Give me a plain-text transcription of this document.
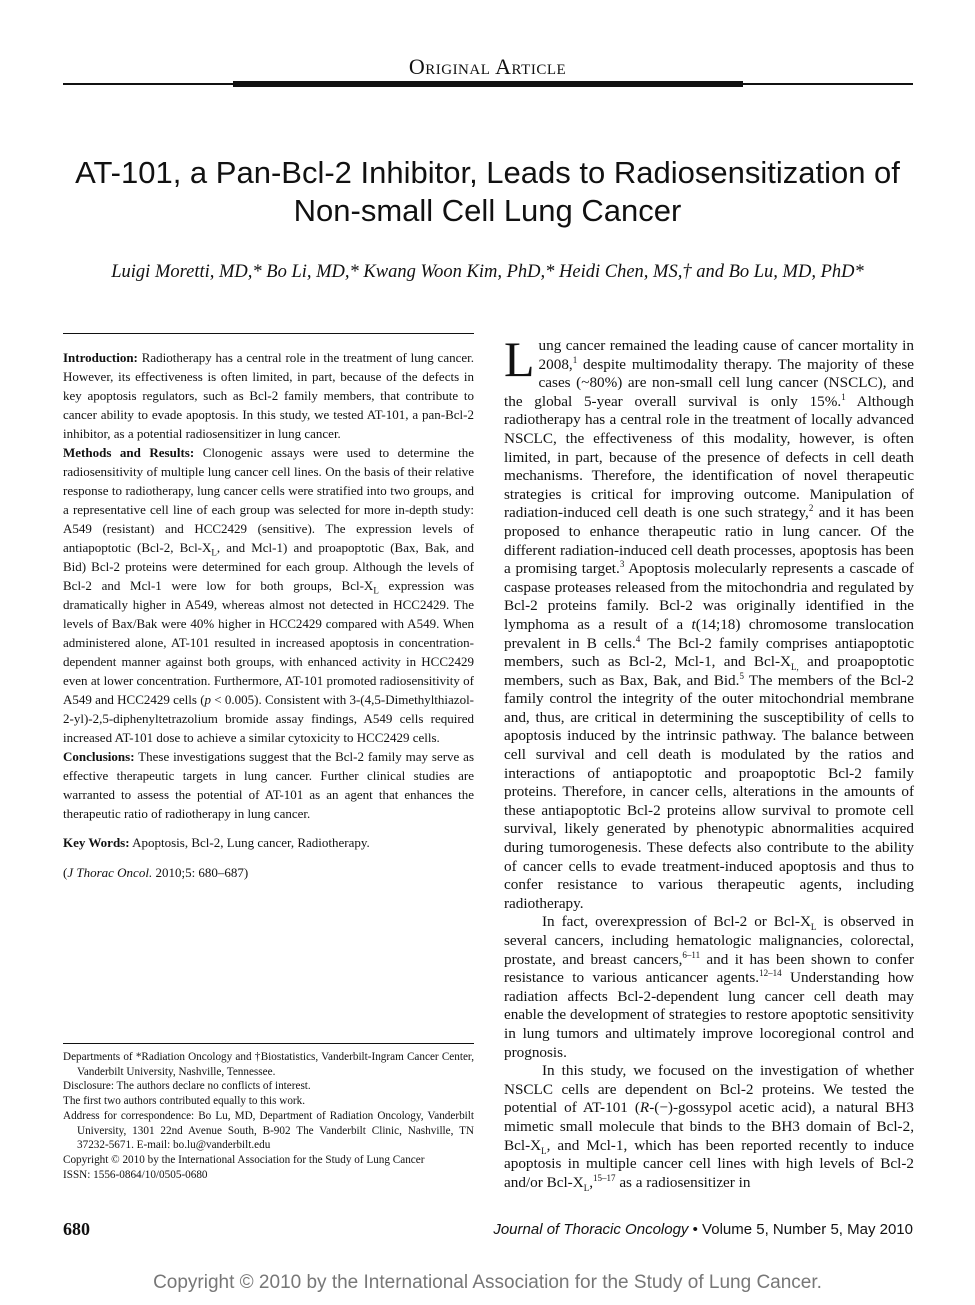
Original Article
AT-101, a Pan-Bcl-2 Inhibitor, Leads to Radiosensitization of
Non-small Cell Lung Cancer
Luigi Moretti, MD,* Bo Li, MD,* Kwang Woon Kim, PhD,* Heidi Chen, MS,† and Bo Lu, MD, PhD*

Introduction: Radiotherapy has a central role in the treatment of lung cancer. However, its effectiveness is often limited, in part, because of the defects in key apoptosis regulators, such as Bcl-2 family members, that contribute to cancer ability to evade apoptosis. In this study, we tested AT-101, a pan-Bcl-2 inhibitor, as a potential radiosensitizer in lung cancer.

Methods and Results: Clonogenic assays were used to determine the radiosensitivity of multiple lung cancer cell lines. On the basis of their relative response to radiotherapy, lung cancer cells were stratified into two groups, and a representative cell line of each group was selected for more in-depth study: A549 (resistant) and HCC2429 (sensitive). The expression levels of antiapoptotic (Bcl-2, Bcl-$X_L$, and Mcl-1) and proapoptotic (Bax, Bak, and Bid) Bcl-2 proteins were determined for each group. Although the levels of Bcl-2 and Mcl-1 were low for both groups, Bcl-$X_L$ expression was dramatically higher in A549, whereas almost not detected in HCC2429. The levels of Bax/Bak were 40% higher in HCC2429 compared with A549. When administered alone, AT-101 resulted in increased apoptosis in concentration-dependent manner against both groups, with enhanced activity in HCC2429 even at lower concentration. Furthermore, AT-101 promoted radiosensitivity of A549 and HCC2429 cells (p < 0.005). Consistent with 3-(4,5-Dimethylthiazol-2-yl)-2,5-diphenyltetrazolium bromide assay findings, A549 cells required increased AT-101 dose to achieve a similar cytoxicity to HCC2429 cells.

Conclusions: These investigations suggest that the Bcl-2 family may serve as effective therapeutic targets in lung cancer. Further clinical studies are warranted to assess the potential of AT-101 as an agent that enhances the therapeutic ratio of radiotherapy in lung cancer.

Key Words: Apoptosis, Bcl-2, Lung cancer, Radiotherapy.

(J Thorac Oncol. 2010;5: 680–687)

Departments of *Radiation Oncology and †Biostatistics, Vanderbilt-Ingram Cancer Center, Vanderbilt University, Nashville, Tennessee.

Disclosure: The authors declare no conflicts of interest.

The first two authors contributed equally to this work.

Address for correspondence: Bo Lu, MD, Department of Radiation Oncology, Vanderbilt University, 1301 22nd Avenue South, B-902 The Vanderbilt Clinic, Nashville, TN 37232-5671. E-mail: bo.lu@vanderbilt.edu

Copyright © 2010 by the International Association for the Study of Lung Cancer

ISSN: 1556-0864/10/0505-0680

Lung cancer remained the leading cause of cancer mortality in 2008,$^1$ despite multimodality therapy. The majority of these cases (~80%) are non-small cell lung cancer (NSCLC), and the global 5-year overall survival is only 15%.$^1$ Although radiotherapy has a central role in the treatment of locally advanced NSCLC, the effectiveness of this modality, however, is often limited, in part, because of the presence of defects in cell death mechanisms. Therefore, the identification of novel therapeutic strategies is critical for improving outcome. Manipulation of radiation-induced cell death is one such strategy,$^2$ and it has been proposed to enhance therapeutic ratio in lung cancer. Of the different radiation-induced cell death processes, apoptosis has been a promising target.$^3$ Apoptosis molecularly represents a cascade of caspase proteases released from the mitochondria and regulated by Bcl-2 proteins family. Bcl-2 was originally identified in the lymphoma as a result of a t(14;18) chromosome translocation prevalent in B cells.$^4$ The Bcl-2 family comprises antiapoptotic members, such as Bcl-2, Mcl-1, and Bcl-$X_{L,}$ and proapoptotic members, such as Bax, Bak, and Bid.$^5$ The members of the Bcl-2 family control the integrity of the outer mitochondrial membrane and, thus, are critical in determining the susceptibility of cells to apoptosis induced by the intrinsic pathway. The balance between cell survival and cell death is modulated by the ratios and interactions of antiapoptotic and proapoptotic Bcl-2 family proteins. Therefore, in cancer cells, alterations in the amounts of these antiapoptotic Bcl-2 proteins allow survival to promote cell survival, likely generated by phenotypic abnormalities acquired during tumorogenesis. These defects also contribute to the ability of cancer cells to evade treatment-induced apoptosis and thus to confer resistance to various therapeutic agents, including radiotherapy.

In fact, overexpression of Bcl-2 or Bcl-$X_L$ is observed in several cancers, including hematologic malignancies, colorectal, prostate, and breast cancers,$^{6-11}$ and it has been shown to confer resistance to various anticancer agents.$^{12-14}$ Understanding how radiation affects Bcl-2-dependent lung cancer cell death may enable the development of strategies to restore apoptotic sensitivity in lung tumors and ultimately improve locoregional control and prognosis.

In this study, we focused on the investigation of whether NSCLC cells are dependent on Bcl-2 proteins. We tested the potential of AT-101 (R-(−)-gossypol acetic acid), a natural BH3 mimetic small molecule that binds to the BH3 domain of Bcl-2, Bcl-$X_L$, and Mcl-1, which has been reported recently to induce apoptosis in multiple cancer cell lines with high levels of Bcl-2 and/or Bcl-$X_L,^{15-17}$ as a radiosensitizer in

680	Journal of Thoracic Oncology • Volume 5, Number 5, May 2010
Copyright © 2010 by the International Association for the Study of Lung Cancer.
